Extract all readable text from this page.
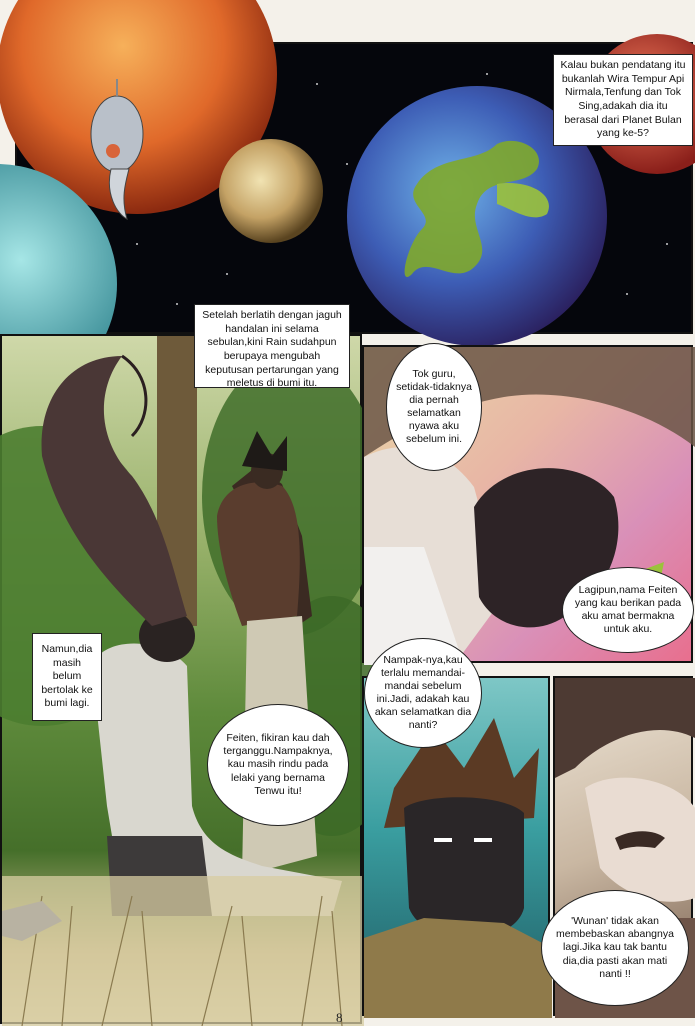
Kalau bukan pendatang itu bukanlah Wira Tempur Api Nirmala,Tenfung dan Tok Sing,adakah dia itu berasal dari Planet Bulan yang ke-5?
Setelah berlatih dengan jaguh handalan ini selama sebulan,kini Rain sudahpun berupaya mengubah keputusan pertarungan yang meletus di bumi itu.
Namun,dia masih belum bertolak ke bumi lagi.
Feiten, fikiran kau dah terganggu.Nampaknya, kau masih rindu pada lelaki yang bernama Tenwu itu!
Tok guru, setidak-tidaknya dia pernah selamatkan nyawa aku sebelum ini.
Lagipun,nama Feiten yang kau berikan pada aku amat bermakna untuk aku.
Nampak-nya,kau terlalu memandai-mandai sebelum ini.Jadi, adakah kau akan selamatkan dia nanti?
'Wunan' tidak akan membebaskan abangnya lagi.Jika kau tak bantu dia,dia pasti akan mati nanti !!
8
